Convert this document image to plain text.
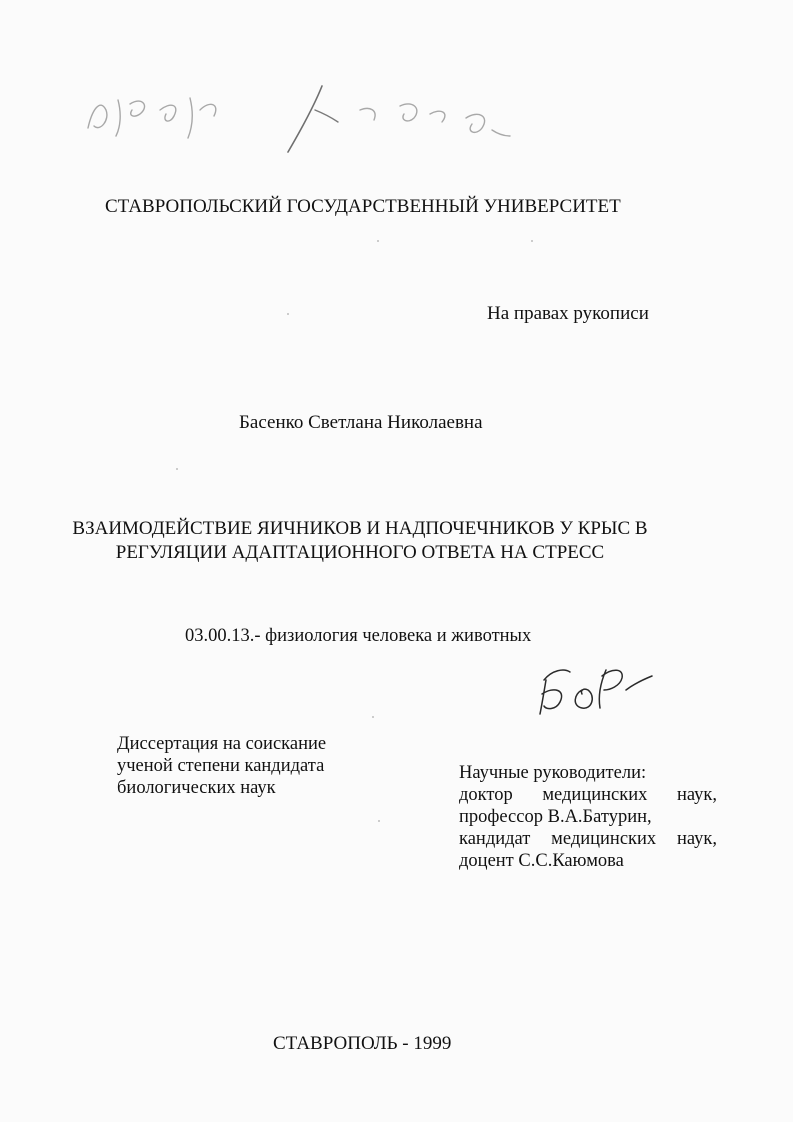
СТАВРОПОЛЬСКИЙ ГОСУДАРСТВЕННЫЙ УНИВЕРСИТЕТ
На правах рукописи
Басенко Светлана Николаевна
ВЗАИМОДЕЙСТВИЕ ЯИЧНИКОВ И НАДПОЧЕЧНИКОВ У КРЫС В
РЕГУЛЯЦИИ АДАПТАЦИОННОГО ОТВЕТА НА СТРЕСС
03.00.13.- физиология человека и животных
Диссертация на соискание
ученой степени кандидата
биологических наук
Научные руководители:
доктор медицинских наук,
профессор В.А.Батурин,
кандидат медицинских наук,
доцент С.С.Каюмова
СТАВРОПОЛЬ - 1999
